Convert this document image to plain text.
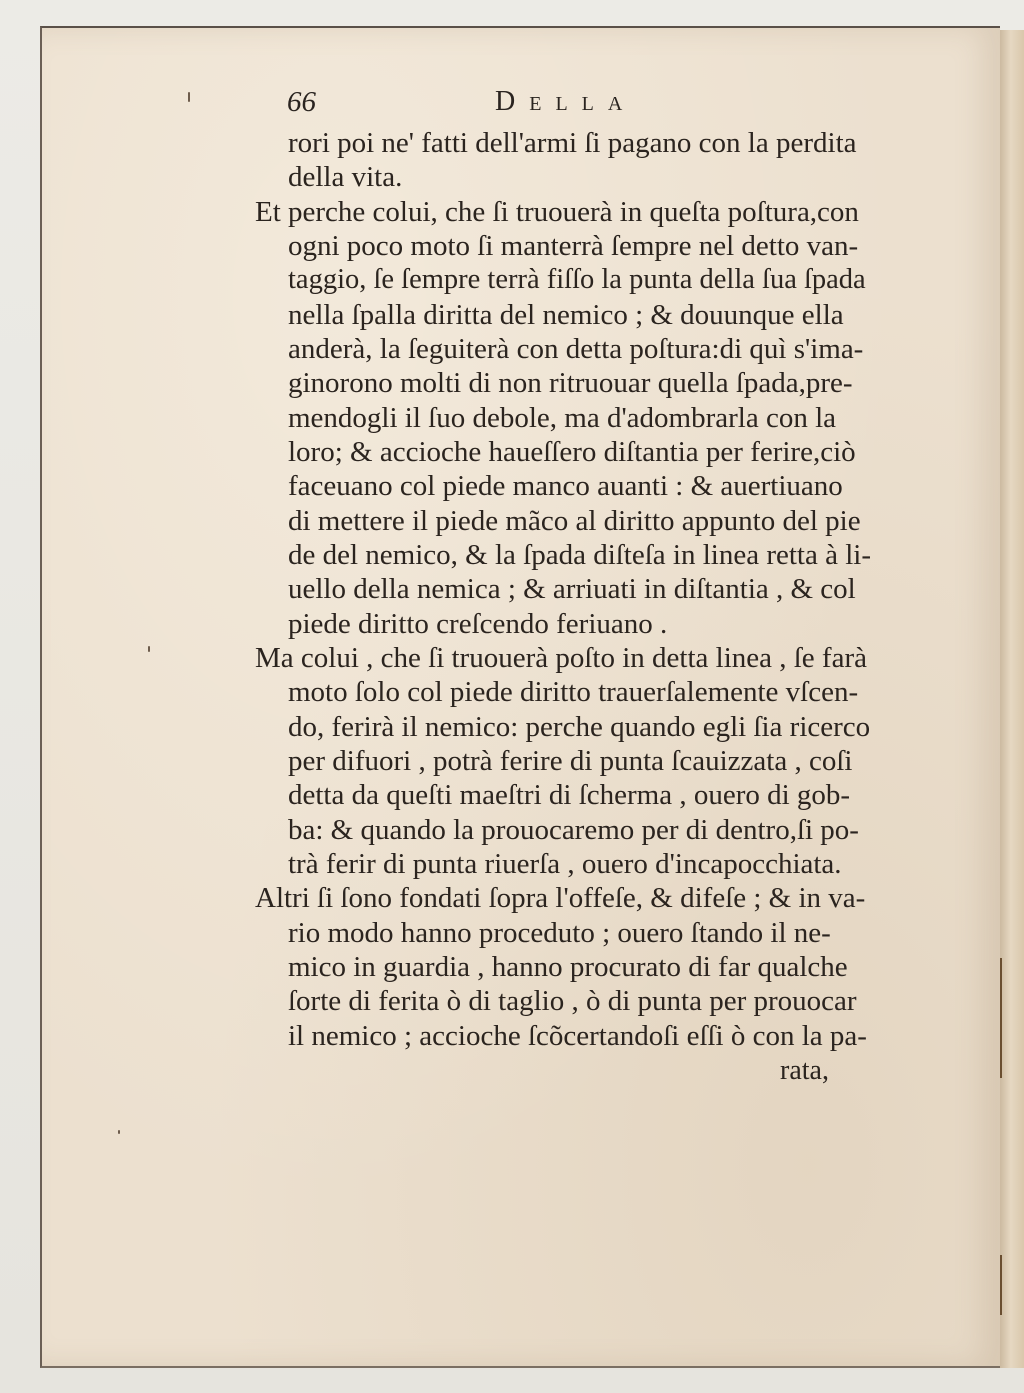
66	Della
rori poi ne' fatti dell'armi ſi pagano con la perdita
della vita.
Et perche colui, che ſi truouerà in queſta poſtura,con
ogni poco moto ſi manterrà ſempre nel detto van-
taggio, ſe ſempre terrà fiſſo la punta della ſua ſpada
nella ſpalla diritta del nemico ; & douunque ella
anderà, la ſeguiterà con detta poſtura:di quì s'ima-
ginorono molti di non ritruouar quella ſpada,pre-
mendogli il ſuo debole, ma d'adombrarla con la
loro; & accioche haueſſero diſtantia per ferire,ciò
faceuano col piede manco auanti : & auertiuano
di mettere il piede mãco al diritto appunto del pie
de del nemico, & la ſpada diſteſa in linea retta à li-
uello della nemica ; & arriuati in diſtantia , & col
piede diritto creſcendo feriuano .
Ma colui , che ſi truouerà poſto in detta linea , ſe farà
moto ſolo col piede diritto trauerſalemente vſcen-
do, ferirà il nemico: perche quando egli ſia ricerco
per difuori , potrà ferire di punta ſcauizzata , coſi
detta da queſti maeſtri di ſcherma , ouero di gob-
ba: & quando la prouocaremo per di dentro,ſi po-
trà ferir di punta riuerſa , ouero d'incapocchiata.
Altri ſi ſono fondati ſopra l'offeſe, & difeſe ; & in va-
rio modo hanno proceduto ; ouero ſtando il ne-
mico in guardia , hanno procurato di far qualche
ſorte di ferita ò di taglio , ò di punta per prouocar
il nemico ; accioche ſcõcertandoſi eſſi ò con la pa-
rata,
